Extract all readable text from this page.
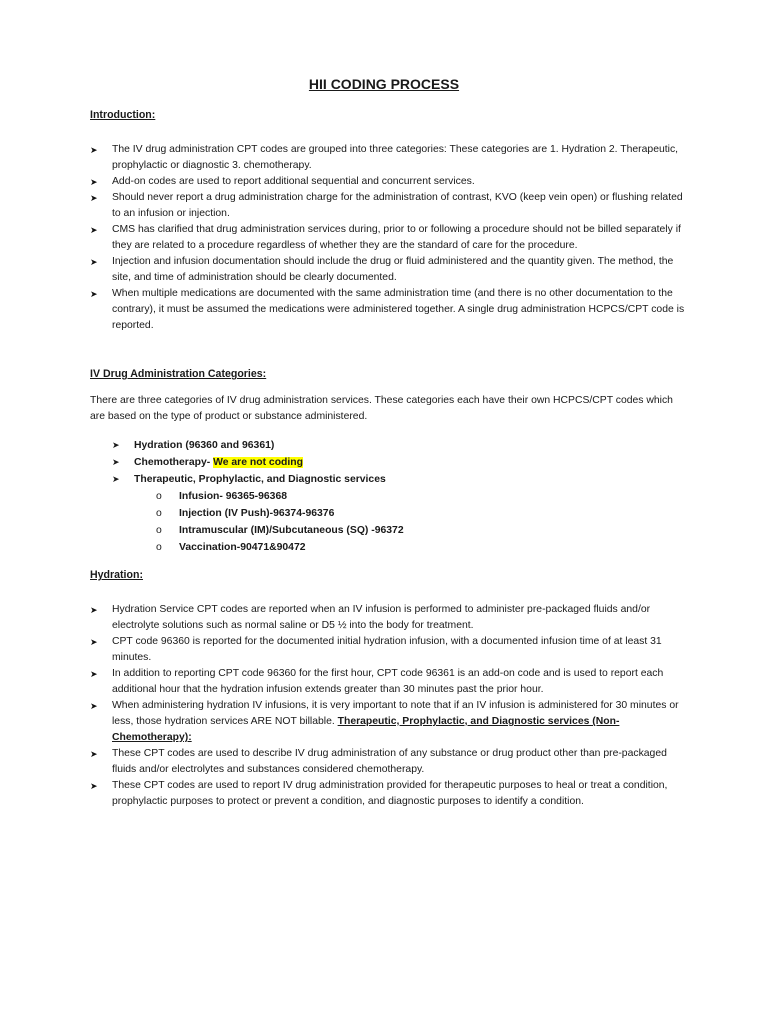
HII CODING PROCESS
Introduction:
➤ The IV drug administration CPT codes are grouped into three categories: These categories are 1. Hydration 2. Therapeutic, prophylactic or diagnostic 3. chemotherapy.
➤ Add-on codes are used to report additional sequential and concurrent services.
➤ Should never report a drug administration charge for the administration of contrast, KVO (keep vein open) or flushing related to an infusion or injection.
➤ CMS has clarified that drug administration services during, prior to or following a procedure should not be billed separately if they are related to a procedure regardless of whether they are the standard of care for the procedure.
➤ Injection and infusion documentation should include the drug or fluid administered and the quantity given. The method, the site, and time of administration should be clearly documented.
➤ When multiple medications are documented with the same administration time (and there is no other documentation to the contrary), it must be assumed the medications were administered together. A single drug administration HCPCS/CPT code is reported.
IV Drug Administration Categories:
There are three categories of IV drug administration services. These categories each have their own HCPCS/CPT codes which are based on the type of product or substance administered.
➤ Hydration (96360 and 96361)
➤ Chemotherapy- We are not coding
➤ Therapeutic, Prophylactic, and Diagnostic services
o Infusion- 96365-96368
o Injection (IV Push)-96374-96376
o Intramuscular (IM)/Subcutaneous (SQ) -96372
o Vaccination-90471&90472
Hydration:
➤ Hydration Service CPT codes are reported when an IV infusion is performed to administer pre-packaged fluids and/or electrolyte solutions such as normal saline or D5 ½ into the body for treatment.
➤ CPT code 96360 is reported for the documented initial hydration infusion, with a documented infusion time of at least 31 minutes.
➤ In addition to reporting CPT code 96360 for the first hour, CPT code 96361 is an add-on code and is used to report each additional hour that the hydration infusion extends greater than 30 minutes past the prior hour.
➤ When administering hydration IV infusions, it is very important to note that if an IV infusion is administered for 30 minutes or less, those hydration services ARE NOT billable. Therapeutic, Prophylactic, and Diagnostic services (Non-Chemotherapy):
➤ These CPT codes are used to describe IV drug administration of any substance or drug product other than pre-packaged fluids and/or electrolytes and substances considered chemotherapy.
➤ These CPT codes are used to report IV drug administration provided for therapeutic purposes to heal or treat a condition, prophylactic purposes to protect or prevent a condition, and diagnostic purposes to identify a condition.
